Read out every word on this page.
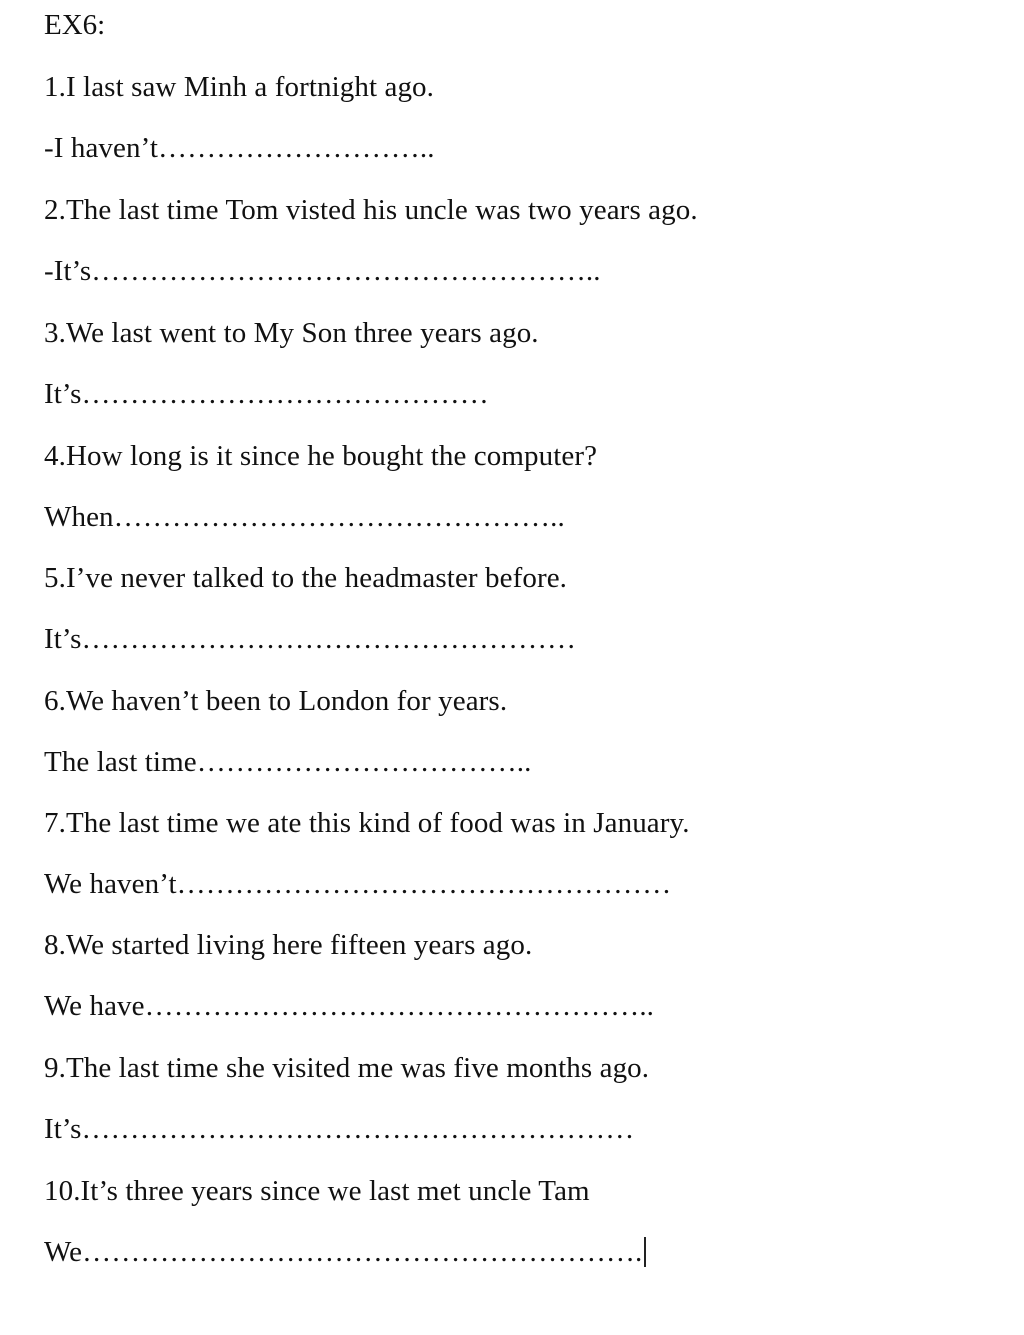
EX6:
1.I last saw Minh a fortnight ago.
-I haven’t………………………..
2.The last time Tom visted his uncle was two years ago.
-It’s……………………………………………..
3.We last went to My Son three years ago.
It’s……………………………………
4.How long is it since he bought the computer?
When………………………………………..
5.I’ve never talked to the headmaster before.
It’s……………………………………………
6.We haven’t been to London for years.
The last time……………………………..
7.The last time we ate this kind of food was in January.
We haven’t……………………………………………
8.We started living here fifteen years ago.
We have……………………………………………..
9.The last time she visited me was five months ago.
It’s…………………………………………………
10.It’s three years since we last met uncle Tam
We………………………………………………….
